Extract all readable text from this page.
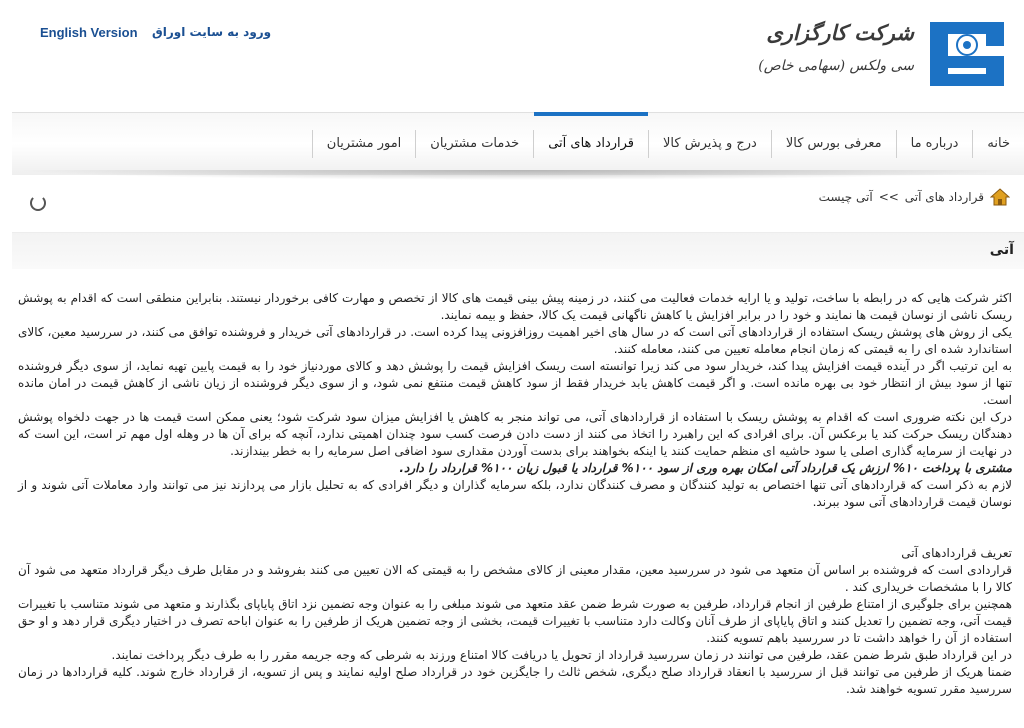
شرکت کارگزاری
سی ولکس (سهامی خاص)
English Version ورود به سایت اوراق
خانه
درباره ما
معرفی بورس کالا
درج و پذیرش کالا
قرارداد های آتی
خدمات مشتریان
امور مشتریان
قرارداد های آتی
>>
آتی چیست
آتی

اکثر شرکت هایی که در رابطه با ساخت، تولید و یا ارایه خدمات فعالیت می کنند، در زمینه پیش بینی قیمت های کالا از تخصص و مهارت کافی برخوردار نیستند. بنابراین منطقی است که اقدام به پوشش ریسک ناشی از نوسان قیمت ها نمایند و خود را در برابر افزایش یا کاهش ناگهانی قیمت یک کالا، حفظ و بیمه نمایند.

یکی از روش های پوشش ریسک استفاده از قراردادهای آتی است که در سال های اخیر اهمیت روزافزونی پیدا کرده است. در قراردادهای آتی خریدار و فروشنده توافق می کنند، در سررسید معین، کالای استاندارد شده ای را به قیمتی که زمان انجام معامله تعیین می کنند، معامله کنند.

به این ترتیب اگر در آینده قیمت افزایش پیدا کند، خریدار سود می کند زیرا توانسته است ریسک افزایش قیمت را پوشش دهد و کالای موردنیاز خود را به قیمت پایین تهیه نماید، از سوی دیگر فروشنده تنها از سود بیش از انتظار خود بی بهره مانده است. و اگر قیمت کاهش یابد خریدار فقط از سود کاهش قیمت منتفع نمی شود، و از سوی دیگر فروشنده از زیان ناشی از کاهش قیمت در امان مانده است.

درک این نکته ضروری است که اقدام به پوشش ریسک با استفاده از قراردادهای آتی، می تواند منجر به کاهش یا افزایش میزان سود شرکت شود؛ یعنی ممکن است قیمت ها در جهت دلخواه پوشش دهندگان ریسک حرکت کند یا برعکس آن. برای افرادی که این راهبرد را اتخاذ می کنند از دست دادن فرصت کسب سود چندان اهمیتی ندارد، آنچه که برای آن ها در وهله اول مهم تر است، این است که در نهایت از سرمایه گذاری اصلی یا سود حاشیه ای منظم حمایت کنند یا اینکه بخواهند برای بدست آوردن مقداری سود اضافی اصل سرمایه را به خطر بیندازند.

مشتری با پرداخت ۱۰% ارزش یک قرارداد آتی امکان بهره وری از سود ۱۰۰% قرارداد یا قبول زیان ۱۰۰% قرارداد را دارد.

لازم به ذکر است که قراردادهای آتی تنها اختصاص به تولید کنندگان و مصرف کنندگان ندارد، بلکه سرمایه گذاران و دیگر افرادی که به تحلیل بازار می پردازند نیز می توانند وارد معاملات آتی شوند و از نوسان قیمت قراردادهای آتی سود ببرند.

تعریف قراردادهای آتی

قراردادی است که فروشنده بر اساس آن متعهد می شود در سررسید معین، مقدار معینی از کالای مشخص را به قیمتی که الان تعیین می کنند بفروشد و در مقابل طرف دیگر قرارداد متعهد می شود آن کالا را با مشخصات خریداری کند .

همچنین برای جلوگیری از امتناع طرفین از انجام قرارداد، طرفین به صورت شرط ضمن عقد متعهد می شوند مبلغی را به عنوان وجه تضمین نزد اتاق پایاپای بگذارند و متعهد می شوند متناسب با تغییرات قیمت آتی، وجه تضمین را تعدیل کنند و اتاق پایاپای از طرف آنان وکالت دارد متناسب با تغییرات قیمت، بخشی از وجه تضمین هریک از طرفین را به عنوان اباحه تصرف در اختیار دیگری قرار دهد و او حق استفاده از آن را خواهد داشت تا در سررسید باهم تسویه کنند.

در این قرارداد طبق شرط ضمن عقد، طرفین می توانند در زمان سررسید قرارداد از تحویل یا دریافت کالا امتناع ورزند به شرطی که وجه جریمه مقرر را به طرف دیگر پرداخت نمایند.

ضمنا هریک از طرفین می توانند قبل از سررسید با انعقاد قرارداد صلح دیگری، شخص ثالث را جایگزین خود در قرارداد صلح اولیه نمایند و پس از تسویه، از قرارداد خارج شوند. کلیه قراردادها در زمان سررسید مقرر تسویه خواهند شد.
